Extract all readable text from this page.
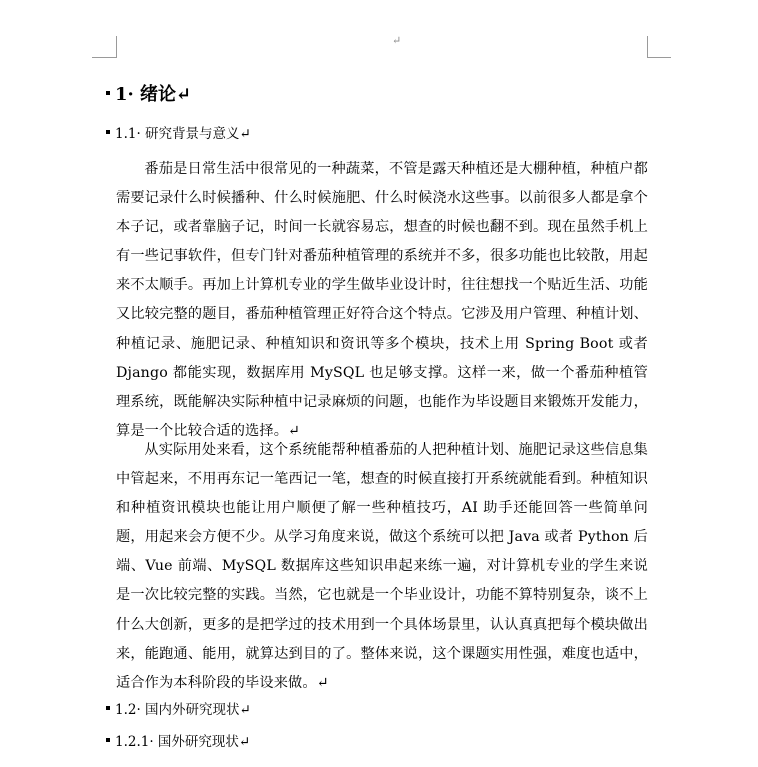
↵
1· 绪论↵
1.1· 研究背景与意义↵
番茄是日常生活中很常见的一种蔬菜，不管是露天种植还是大棚种植，种植户都需要记录什么时候播种、什么时候施肥、什么时候浇水这些事。以前很多人都是拿个本子记，或者靠脑子记，时间一长就容易忘，想查的时候也翻不到。现在虽然手机上有一些记事软件，但专门针对番茄种植管理的系统并不多，很多功能也比较散，用起来不太顺手。再加上计算机专业的学生做毕业设计时，往往想找一个贴近生活、功能又比较完整的题目，番茄种植管理正好符合这个特点。它涉及用户管理、种植计划、种植记录、施肥记录、种植知识和资讯等多个模块，技术上用 Spring Boot 或者 Django 都能实现，数据库用 MySQL 也足够支撑。这样一来，做一个番茄种植管理系统，既能解决实际种植中记录麻烦的问题，也能作为毕设题目来锻炼开发能力，算是一个比较合适的选择。↵
从实际用处来看，这个系统能帮种植番茄的人把种植计划、施肥记录这些信息集中管起来，不用再东记一笔西记一笔，想查的时候直接打开系统就能看到。种植知识和种植资讯模块也能让用户顺便了解一些种植技巧，AI 助手还能回答一些简单问题，用起来会方便不少。从学习角度来说，做这个系统可以把 Java 或者 Python 后端、Vue 前端、MySQL 数据库这些知识串起来练一遍，对计算机专业的学生来说是一次比较完整的实践。当然，它也就是一个毕业设计，功能不算特别复杂，谈不上什么大创新，更多的是把学过的技术用到一个具体场景里，认认真真把每个模块做出来，能跑通、能用，就算达到目的了。整体来说，这个课题实用性强，难度也适中，适合作为本科阶段的毕设来做。↵
1.2· 国内外研究现状↵
1.2.1· 国外研究现状↵
